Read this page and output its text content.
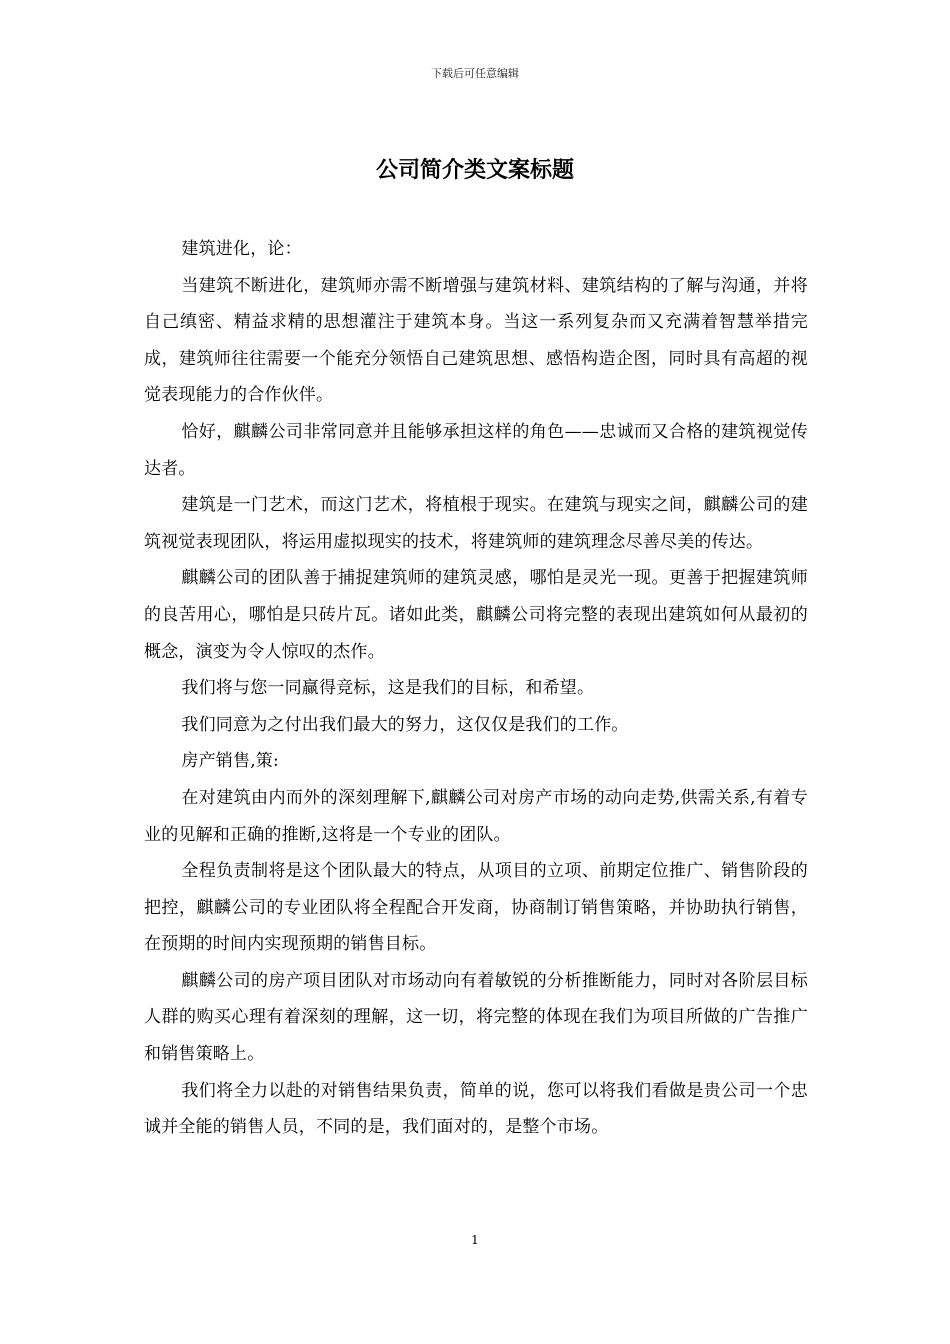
下载后可任意编辑
公司简介类文案标题

建筑进化，论：

当建筑不断进化，建筑师亦需不断增强与建筑材料、建筑结构的了解与沟通，并将自己缜密、精益求精的思想灌注于建筑本身。当这一系列复杂而又充满着智慧举措完成，建筑师往往需要一个能充分领悟自己建筑思想、感悟构造企图，同时具有高超的视觉表现能力的合作伙伴。

恰好，麒麟公司非常同意并且能够承担这样的角色——忠诚而又合格的建筑视觉传达者。

建筑是一门艺术，而这门艺术，将植根于现实。在建筑与现实之间，麒麟公司的建筑视觉表现团队，将运用虚拟现实的技术，将建筑师的建筑理念尽善尽美的传达。

麒麟公司的团队善于捕捉建筑师的建筑灵感，哪怕是灵光一现。更善于把握建筑师的良苦用心，哪怕是只砖片瓦。诸如此类，麒麟公司将完整的表现出建筑如何从最初的概念，演变为令人惊叹的杰作。

我们将与您一同赢得竞标，这是我们的目标，和希望。

我们同意为之付出我们最大的努力，这仅仅是我们的工作。

房产销售,策:

在对建筑由内而外的深刻理解下,麒麟公司对房产市场的动向走势,供需关系,有着专业的见解和正确的推断,这将是一个专业的团队。

全程负责制将是这个团队最大的特点，从项目的立项、前期定位推广、销售阶段的把控，麒麟公司的专业团队将全程配合开发商，协商制订销售策略，并协助执行销售，在预期的时间内实现预期的销售目标。

麒麟公司的房产项目团队对市场动向有着敏锐的分析推断能力，同时对各阶层目标人群的购买心理有着深刻的理解，这一切，将完整的体现在我们为项目所做的广告推广和销售策略上。

我们将全力以赴的对销售结果负责，简单的说，您可以将我们看做是贵公司一个忠诚并全能的销售人员，不同的是，我们面对的，是整个市场。

1
